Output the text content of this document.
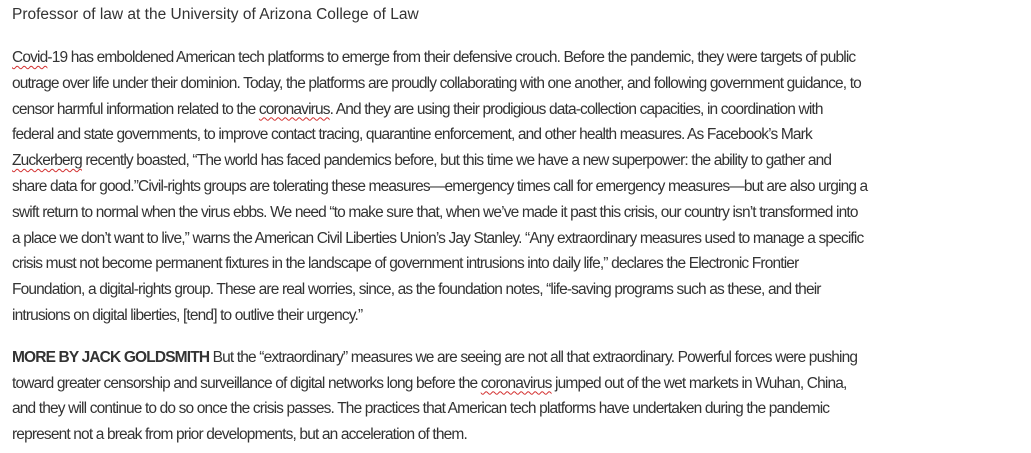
Professor of law at the University of Arizona College of Law

Covid-19 has emboldened American tech platforms to emerge from their defensive crouch. Before the pandemic, they were targets of public
outrage over life under their dominion. Today, the platforms are proudly collaborating with one another, and following government guidance, to
censor harmful information related to the coronavirus. And they are using their prodigious data-collection capacities, in coordination with
federal and state governments, to improve contact tracing, quarantine enforcement, and other health measures. As Facebook’s Mark
Zuckerberg recently boasted, “The world has faced pandemics before, but this time we have a new superpower: the ability to gather and
share data for good.”Civil-rights groups are tolerating these measures—emergency times call for emergency measures—but are also urging a
swift return to normal when the virus ebbs. We need “to make sure that, when we’ve made it past this crisis, our country isn’t transformed into
a place we don’t want to live,” warns the American Civil Liberties Union’s Jay Stanley. “Any extraordinary measures used to manage a specific
crisis must not become permanent fixtures in the landscape of government intrusions into daily life,” declares the Electronic Frontier
Foundation, a digital-rights group. These are real worries, since, as the foundation notes, “life-saving programs such as these, and their
intrusions on digital liberties, [tend] to outlive their urgency.”

MORE BY JACK GOLDSMITH But the “extraordinary” measures we are seeing are not all that extraordinary. Powerful forces were pushing
toward greater censorship and surveillance of digital networks long before the coronavirus jumped out of the wet markets in Wuhan, China,
and they will continue to do so once the crisis passes. The practices that American tech platforms have undertaken during the pandemic
represent not a break from prior developments, but an acceleration of them.
